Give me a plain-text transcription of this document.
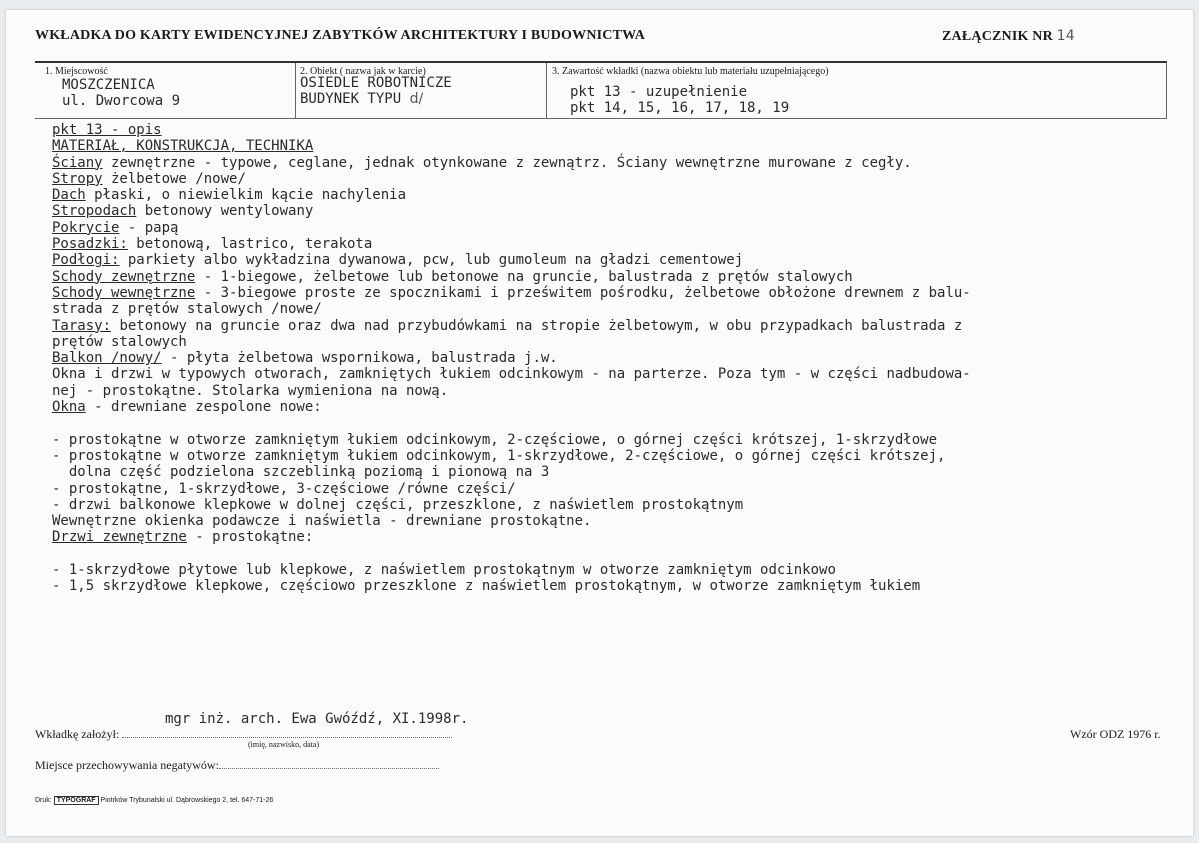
WKŁADKA DO KARTY EWIDENCYJNEJ ZABYTKÓW ARCHITEKTURY I BUDOWNICTWA	ZAŁĄCZNIK NR 14
1. Miejscowość
MOSZCZENICA
ul. Dworcowa 9
2. Obiekt ( nazwa jak w karcie)
OSIEDLE ROBOTNICZE
BUDYNEK TYPU d/
3. Zawartość wkładki (nazwa obiektu lub materiału uzupełniającego)
pkt 13 - uzupełnienie
pkt 14, 15, 16, 17, 18, 19
pkt 13 - opis
MATERIAŁ, KONSTRUKCJA, TECHNIKA
Ściany zewnętrzne - typowe, ceglane, jednak otynkowane z zewnątrz. Ściany wewnętrzne murowane z cegły.
Stropy żelbetowe /nowe/
Dach płaski, o niewielkim kącie nachylenia
Stropodach betonowy wentylowany
Pokrycie - papą
Posadzki: betonową, lastrico, terakota
Podłogi: parkiety albo wykładzina dywanowa, pcw, lub gumoleum na gładzi cementowej
Schody zewnętrzne - 1-biegowe, żelbetowe lub betonowe na gruncie, balustrada z prętów stalowych
Schody wewnętrzne - 3-biegowe proste ze spocznikami i prześwitem pośrodku, żelbetowe obłożone drewnem z balu-
strada z prętów stalowych /nowe/
Tarasy: betonowy na gruncie oraz dwa nad przybudówkami na stropie żelbetowym, w obu przypadkach balustrada z
prętów stalowych
Balkon /nowy/ - płyta żelbetowa wspornikowa, balustrada j.w.
Okna i drzwi w typowych otworach, zamkniętych łukiem odcinkowym - na parterze. Poza tym - w części nadbudowa-
nej - prostokątne. Stolarka wymieniona na nową.
Okna - drewniane zespolone nowe:

- prostokątne w otworze zamkniętym łukiem odcinkowym, 2-częściowe, o górnej części krótszej, 1-skrzydłowe
- prostokątne w otworze zamkniętym łukiem odcinkowym, 1-skrzydłowe, 2-częściowe, o górnej części krótszej,
dolna część podzielona szczeblinką poziomą i pionową na 3
- prostokątne, 1-skrzydłowe, 3-częściowe /równe części/
- drzwi balkonowe klepkowe w dolnej części, przeszklone, z naświetlem prostokątnym
Wewnętrzne okienka podawcze i naświetla - drewniane prostokątne.
Drzwi zewnętrzne - prostokątne:

- 1-skrzydłowe płytowe lub klepkowe, z naświetlem prostokątnym w otworze zamkniętym odcinkowo
- 1,5 skrzydłowe klepkowe, częściowo przeszklone z naświetlem prostokątnym, w otworze zamkniętym łukiem
mgr inż. arch. Ewa Gwóźdź, XI.1998r.
Wkładkę założył:
(imię, nazwisko, data)
Wzór ODZ 1976 r.
Miejsce przechowywania negatywów:
Druk: TYPOGRAF Piotrków Trybunalski ul. Dąbrowskiego 2, tel. 647-71-26
